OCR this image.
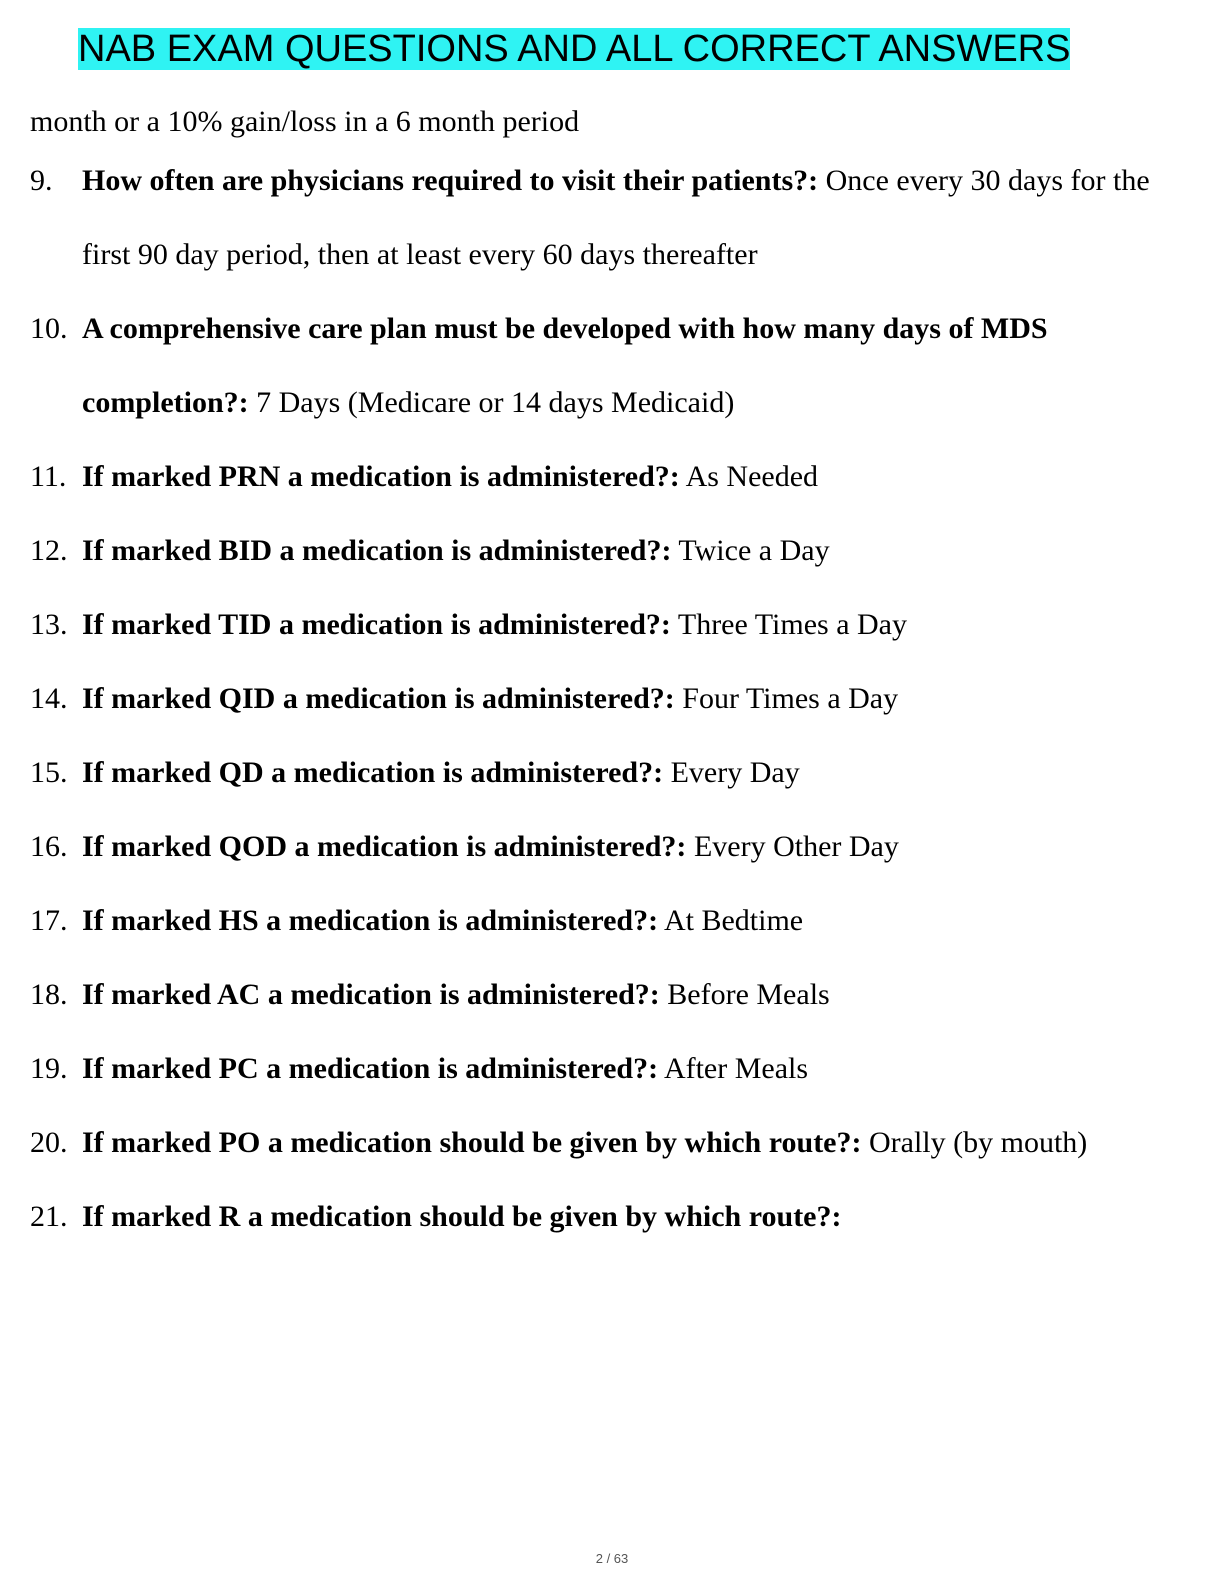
NAB EXAM QUESTIONS AND ALL CORRECT ANSWERS

month or a 10% gain/loss in a 6 month period

9. How often are physicians required to visit their patients?: Once every 30 days for the first 90 day period, then at least every 60 days thereafter
10. A comprehensive care plan must be developed with how many days of MDS completion?: 7 Days (Medicare or 14 days Medicaid)
11. If marked PRN a medication is administered?: As Needed
12. If marked BID a medication is administered?: Twice a Day
13. If marked TID a medication is administered?: Three Times a Day
14. If marked QID a medication is administered?: Four Times a Day
15. If marked QD a medication is administered?: Every Day
16. If marked QOD a medication is administered?: Every Other Day
17. If marked HS a medication is administered?: At Bedtime
18. If marked AC a medication is administered?: Before Meals
19. If marked PC a medication is administered?: After Meals
20. If marked PO a medication should be given by which route?: Orally (by mouth)
21. If marked R a medication should be given by which route?:
2 / 63
